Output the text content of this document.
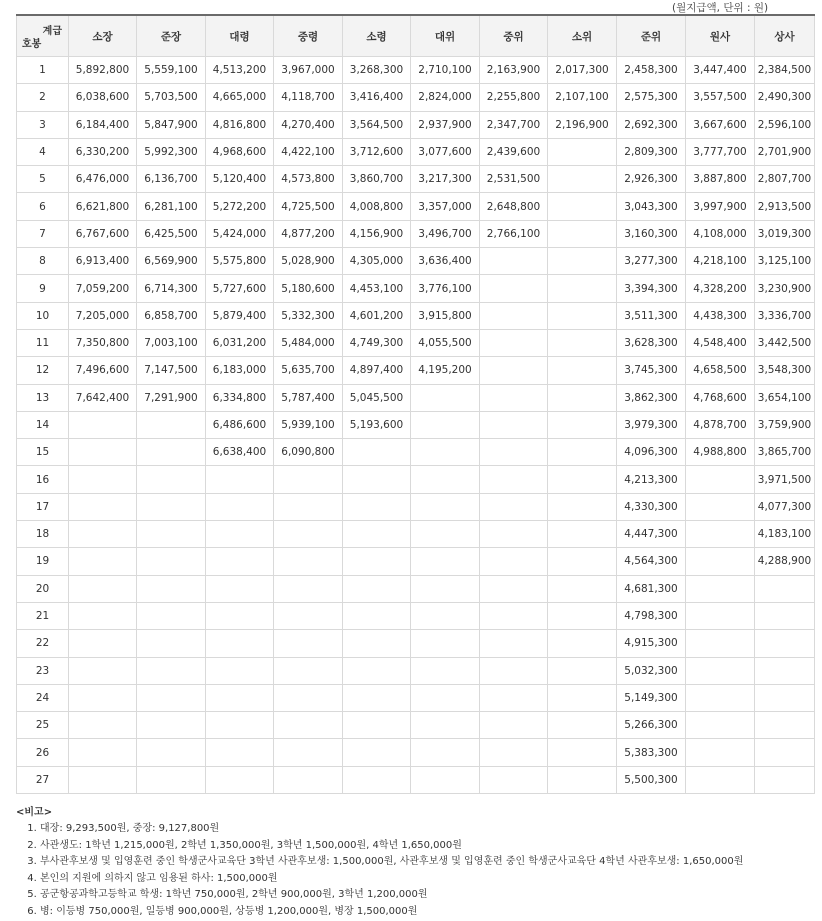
(월지급액, 단위 : 원)
계급
호봉	소장	준장	대령	중령	소령	대위	중위	소위	준위	원사	상사
1	5,892,800	5,559,100	4,513,200	3,967,000	3,268,300	2,710,100	2,163,900	2,017,300	2,458,300	3,447,400	2,384,500
2	6,038,600	5,703,500	4,665,000	4,118,700	3,416,400	2,824,000	2,255,800	2,107,100	2,575,300	3,557,500	2,490,300
3	6,184,400	5,847,900	4,816,800	4,270,400	3,564,500	2,937,900	2,347,700	2,196,900	2,692,300	3,667,600	2,596,100
4	6,330,200	5,992,300	4,968,600	4,422,100	3,712,600	3,077,600	2,439,600		2,809,300	3,777,700	2,701,900
5	6,476,000	6,136,700	5,120,400	4,573,800	3,860,700	3,217,300	2,531,500		2,926,300	3,887,800	2,807,700
6	6,621,800	6,281,100	5,272,200	4,725,500	4,008,800	3,357,000	2,648,800		3,043,300	3,997,900	2,913,500
7	6,767,600	6,425,500	5,424,000	4,877,200	4,156,900	3,496,700	2,766,100		3,160,300	4,108,000	3,019,300
8	6,913,400	6,569,900	5,575,800	5,028,900	4,305,000	3,636,400			3,277,300	4,218,100	3,125,100
9	7,059,200	6,714,300	5,727,600	5,180,600	4,453,100	3,776,100			3,394,300	4,328,200	3,230,900
10	7,205,000	6,858,700	5,879,400	5,332,300	4,601,200	3,915,800			3,511,300	4,438,300	3,336,700
11	7,350,800	7,003,100	6,031,200	5,484,000	4,749,300	4,055,500			3,628,300	4,548,400	3,442,500
12	7,496,600	7,147,500	6,183,000	5,635,700	4,897,400	4,195,200			3,745,300	4,658,500	3,548,300
13	7,642,400	7,291,900	6,334,800	5,787,400	5,045,500				3,862,300	4,768,600	3,654,100
14			6,486,600	5,939,100	5,193,600				3,979,300	4,878,700	3,759,900
15			6,638,400	6,090,800					4,096,300	4,988,800	3,865,700
16									4,213,300		3,971,500
17									4,330,300		4,077,300
18									4,447,300		4,183,100
19									4,564,300		4,288,900
20									4,681,300		
21									4,798,300		
22									4,915,300		
23									5,032,300		
24									5,149,300		
25									5,266,300		
26									5,383,300		
27									5,500,300		
<비고>
1. 대장: 9,293,500원, 중장: 9,127,800원
2. 사관생도: 1학년 1,215,000원, 2학년 1,350,000원, 3학년 1,500,000원, 4학년 1,650,000원
3. 부사관후보생 및 입영훈련 중인 학생군사교육단 3학년 사관후보생: 1,500,000원, 사관후보생 및 입영훈련 중인 학생군사교육단 4학년 사관후보생: 1,650,000원
4. 본인의 지원에 의하지 않고 임용된 하사: 1,500,000원
5. 공군항공과학고등학교 학생: 1학년 750,000원, 2학년 900,000원, 3학년 1,200,000원
6. 병: 이등병 750,000원, 일등병 900,000원, 상등병 1,200,000원, 병장 1,500,000원
